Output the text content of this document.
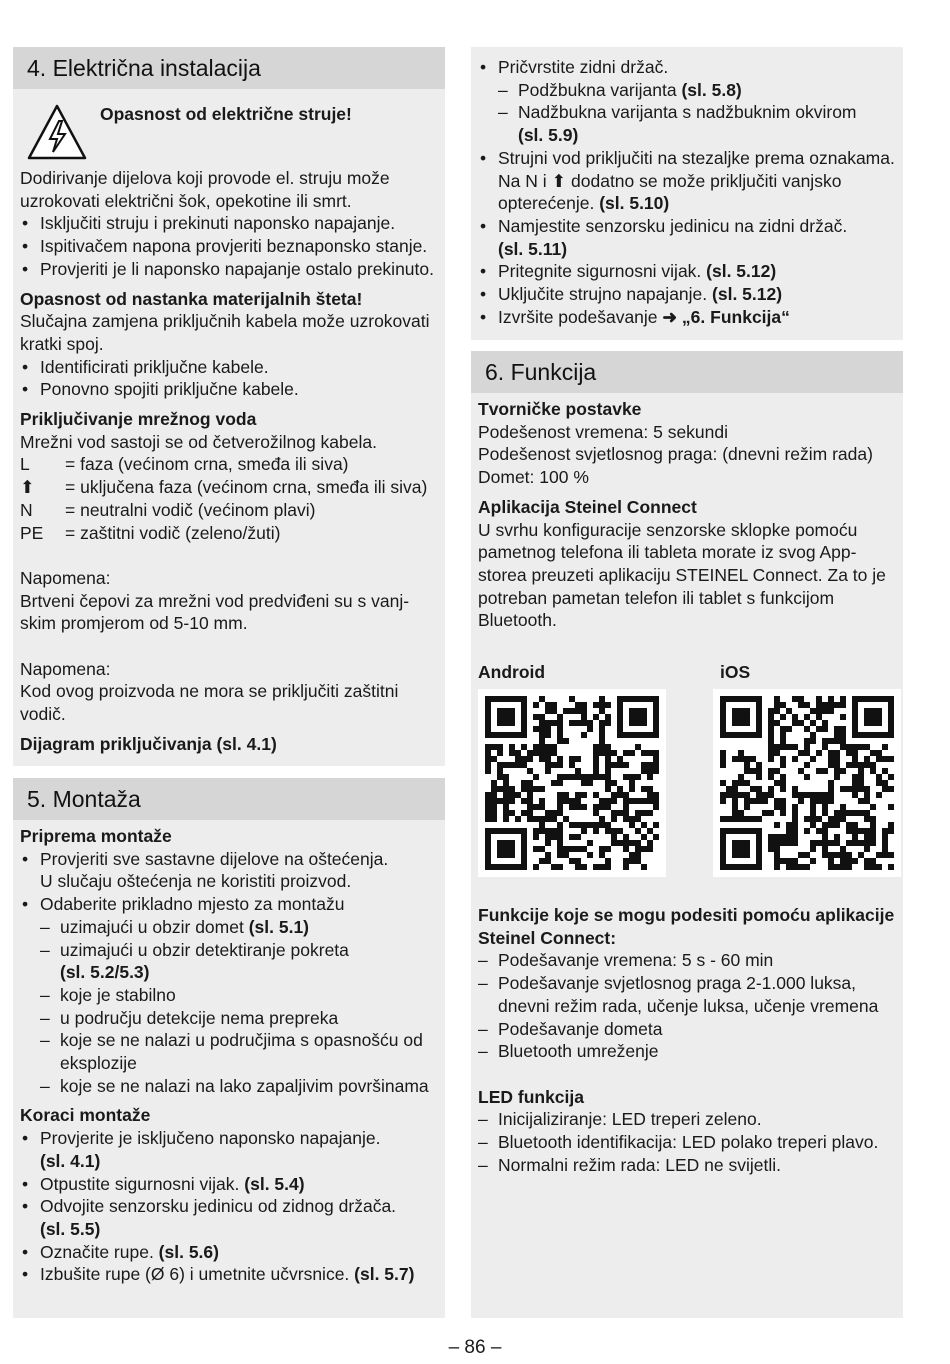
4. Električna instalacija
Opasnost od električne struje!

Dodirivanje dijelova koji provode el. struju može uzrokovati električni šok, opekotine ili smrt.

• Isključiti struju i prekinuti naponsko napajanje.
• Ispitivačem napona provjeriti beznaponsko stanje.
• Provjeriti je li naponsko napajanje ostalo prekinuto.

Opasnost od nastanka materijalnih šteta!

Slučajna zamjena priključnih kabela može uzrokovati kratki spoj.

• Identificirati priključne kabele.
• Ponovno spojiti priključne kabele.

Priključivanje mrežnog voda

Mrežni vod sastoji se od četverožilnog kabela.

L	= faza (većinom crna, smeđa ili siva)
⬆	= uključena faza (većinom crna, smeđa ili siva)
N	= neutralni vodič (većinom plavi)
PE	= zaštitni vodič (zeleno/žuti)

Napomena:

Brtveni čepovi za mrežni vod predviđeni su s vanj-skim promjerom od 5-10 mm.

Napomena:

Kod ovog proizvoda ne mora se priključiti zaštitni vodič.

Dijagram priključivanja (sl. 4.1)

5. Montaža

Priprema montaže

• Provjeriti sve sastavne dijelove na oštećenja.
U slučaju oštećenja ne koristiti proizvod.
• Odaberite prikladno mjesto za montažu
– uzimajući u obzir domet (sl. 5.1)
– uzimajući u obzir detektiranje pokreta
(sl. 5.2/5.3)
– koje je stabilno
– u području detekcije nema prepreka
– koje se ne nalazi u područjima s opasnošću od eksplozije
– koje se ne nalazi na lako zapaljivim površinama

Koraci montaže

• Provjerite je isključeno naponsko napajanje.
(sl. 4.1)
• Otpustite sigurnosni vijak. (sl. 5.4)
• Odvojite senzorsku jedinicu od zidnog držača.
(sl. 5.5)
• Označite rupe. (sl. 5.6)
• Izbušite rupe (Ø 6) i umetnite učvrsnice. (sl. 5.7)
• Pričvrstite zidni držač.
– Podžbukna varijanta (sl. 5.8)
– Nadžbukna varijanta s nadžbuknim okvirom
(sl. 5.9)
• Strujni vod priključiti na stezaljke prema oznakama. Na N i ⬆ dodatno se može priključiti vanjsko opterećenje. (sl. 5.10)
• Namjestite senzorsku jedinicu na zidni držač.
(sl. 5.11)
• Pritegnite sigurnosni vijak. (sl. 5.12)
• Uključite strujno napajanje. (sl. 5.12)
• Izvršite podešavanje ➜ „6. Funkcija“
6. Funkcija

Tvorničke postavke

Podešenost vremena: 5 sekundi

Podešenost svjetlosnog praga: (dnevni režim rada)

Domet: 100 %

Aplikacija Steinel Connect

U svrhu konfiguracije senzorske sklopke pomoću pametnog telefona ili tableta morate iz svog App-storea preuzeti aplikaciju STEINEL Connect. Za to je potreban pametan telefon ili tablet s funkcijom Bluetooth.

Android	iOS

Funkcije koje se mogu podesiti pomoću aplikacije Steinel Connect:

– Podešavanje vremena: 5 s - 60 min
– Podešavanje svjetlosnog praga 2-1.000 luksa, dnevni režim rada, učenje luksa, učenje vremena
– Podešavanje dometa
– Bluetooth umreženje

LED funkcija

– Inicijaliziranje: LED treperi zeleno.
– Bluetooth identifikacija: LED polako treperi plavo.
– Normalni režim rada: LED ne svijetli.
– 86 –
